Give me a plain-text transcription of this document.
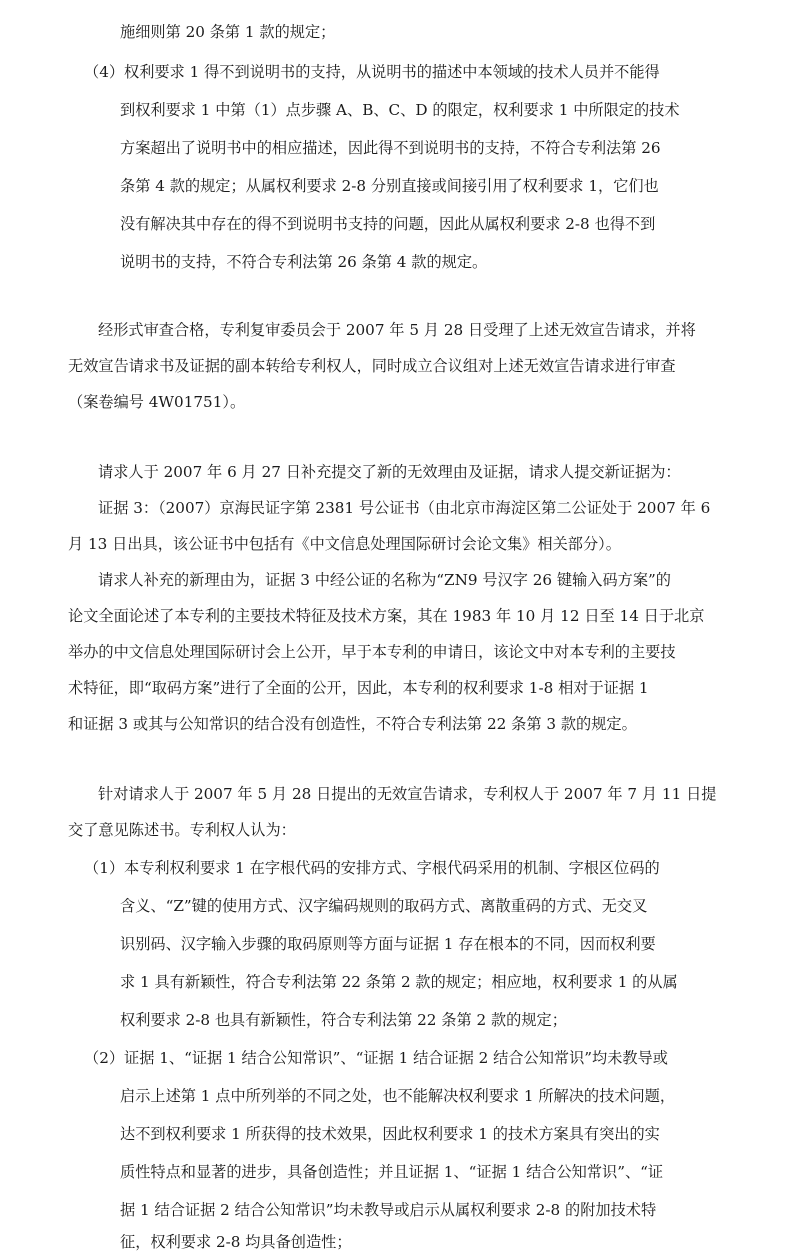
施细则第 20 条第 1 款的规定；

（4）权利要求 1 得不到说明书的支持，从说明书的描述中本领域的技术人员并不能得

到权利要求 1 中第（1）点步骤 A、B、C、D 的限定，权利要求 1 中所限定的技术

方案超出了说明书中的相应描述，因此得不到说明书的支持，不符合专利法第 26

条第 4 款的规定；从属权利要求 2-8 分别直接或间接引用了权利要求 1，它们也

没有解决其中存在的得不到说明书支持的问题，因此从属权利要求 2-8 也得不到

说明书的支持，不符合专利法第 26 条第 4 款的规定。

经形式审查合格，专利复审委员会于 2007 年 5 月 28 日受理了上述无效宣告请求，并将

无效宣告请求书及证据的副本转给专利权人，同时成立合议组对上述无效宣告请求进行审查

（案卷编号 4W01751）。

请求人于 2007 年 6 月 27 日补充提交了新的无效理由及证据，请求人提交新证据为：

证据 3：（2007）京海民证字第 2381 号公证书（由北京市海淀区第二公证处于 2007 年 6

月 13 日出具，该公证书中包括有《中文信息处理国际研讨会论文集》相关部分）。

请求人补充的新理由为，证据 3 中经公证的名称为“ZN9 号汉字 26 键输入码方案”的

论文全面论述了本专利的主要技术特征及技术方案，其在 1983 年 10 月 12 日至 14 日于北京

举办的中文信息处理国际研讨会上公开，早于本专利的申请日，该论文中对本专利的主要技

术特征，即“取码方案”进行了全面的公开，因此，本专利的权利要求 1-8 相对于证据 1

和证据 3 或其与公知常识的结合没有创造性，不符合专利法第 22 条第 3 款的规定。

针对请求人于 2007 年 5 月 28 日提出的无效宣告请求，专利权人于 2007 年 7 月 11 日提

交了意见陈述书。专利权人认为：

（1）本专利权利要求 1 在字根代码的安排方式、字根代码采用的机制、字根区位码的

含义、“Z”键的使用方式、汉字编码规则的取码方式、离散重码的方式、无交叉

识别码、汉字输入步骤的取码原则等方面与证据 1 存在根本的不同，因而权利要

求 1 具有新颖性，符合专利法第 22 条第 2 款的规定；相应地，权利要求 1 的从属

权利要求 2-8 也具有新颖性，符合专利法第 22 条第 2 款的规定；

（2）证据 1、“证据 1 结合公知常识”、“证据 1 结合证据 2 结合公知常识”均未教导或

启示上述第 1 点中所列举的不同之处，也不能解决权利要求 1 所解决的技术问题，

达不到权利要求 1 所获得的技术效果，因此权利要求 1 的技术方案具有突出的实

质性特点和显著的进步，具备创造性；并且证据 1、“证据 1 结合公知常识”、“证

据 1 结合证据 2 结合公知常识”均未教导或启示从属权利要求 2-8 的附加技术特

征，权利要求 2-8 均具备创造性；
